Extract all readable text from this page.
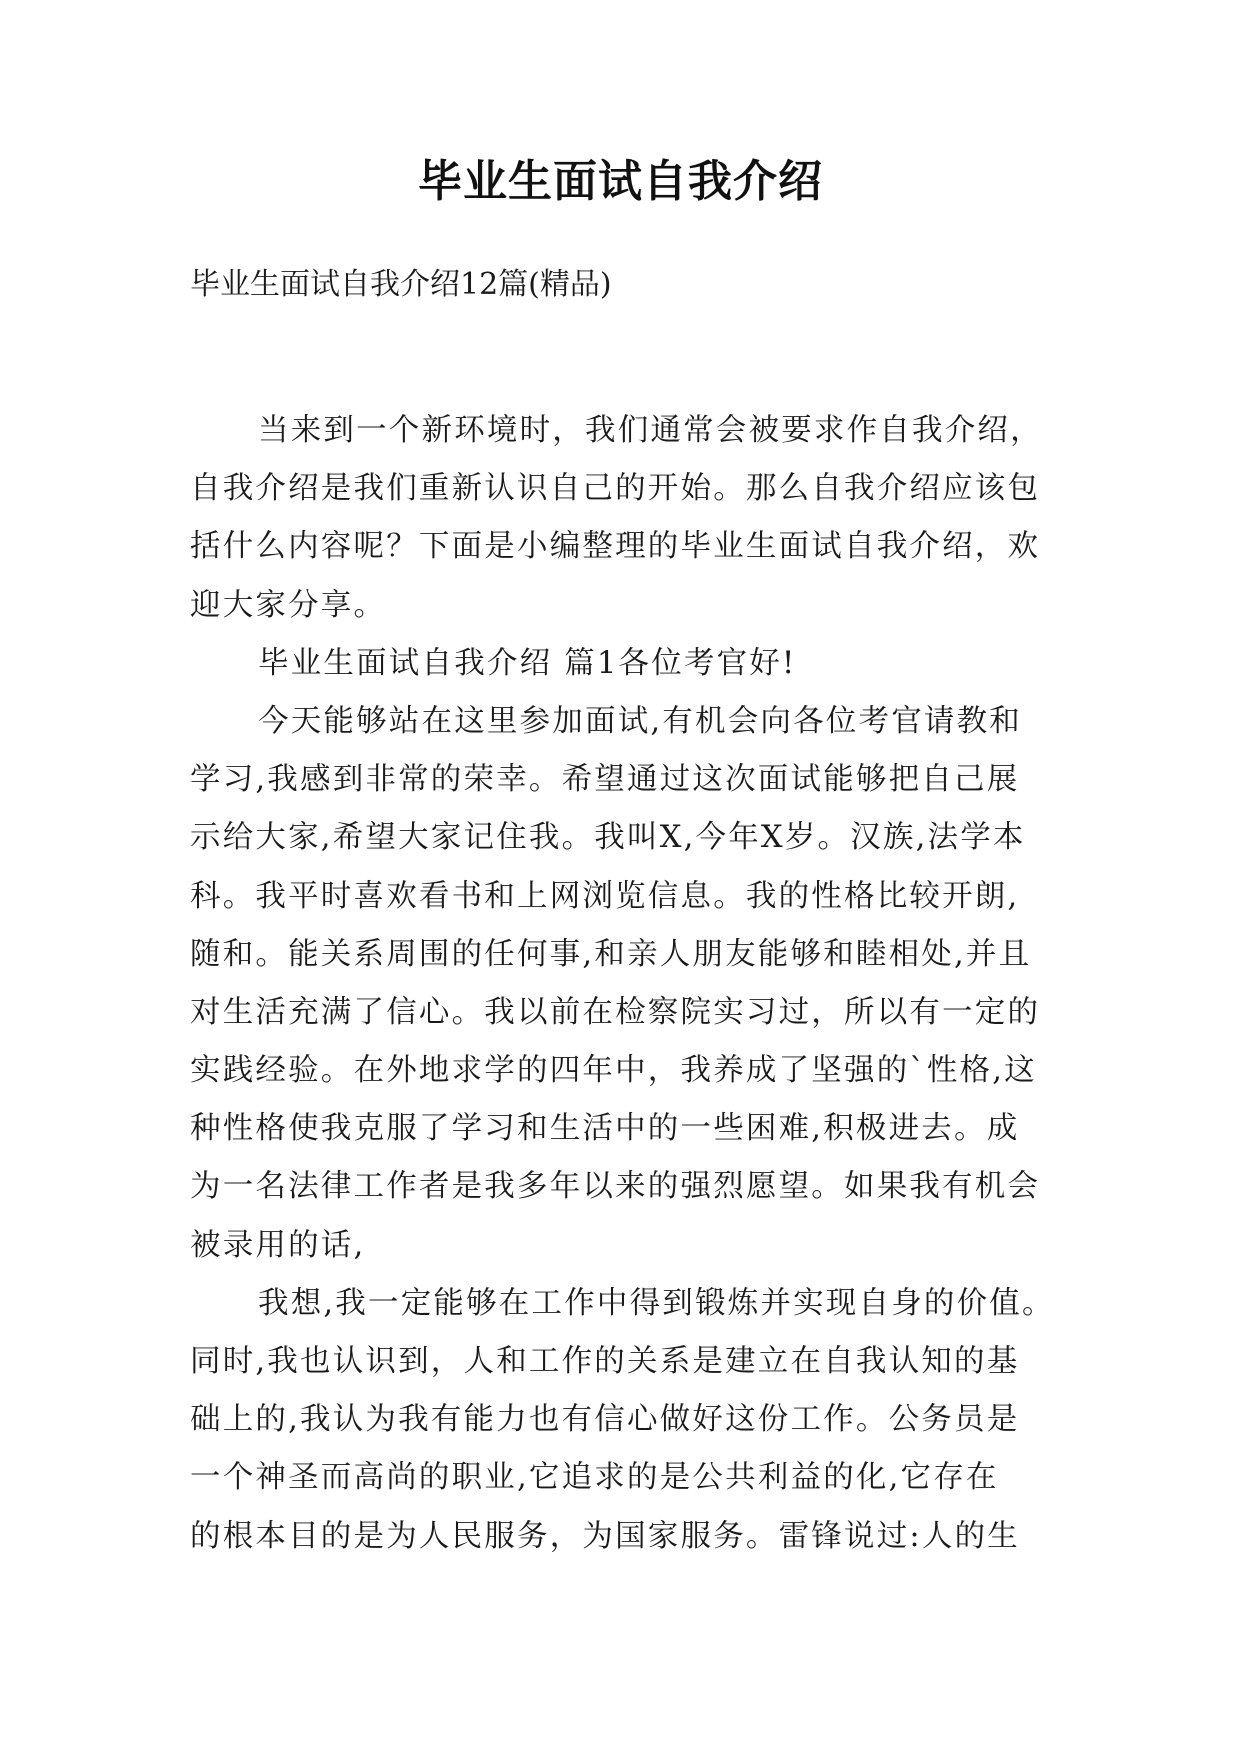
毕业生面试自我介绍
毕业生面试自我介绍12篇(精品)
当来到一个新环境时，我们通常会被要求作自我介绍，
自我介绍是我们重新认识自己的开始。那么自我介绍应该包
括什么内容呢？下面是小编整理的毕业生面试自我介绍，欢
迎大家分享。
毕业生面试自我介绍 篇1各位考官好!
今天能够站在这里参加面试,有机会向各位考官请教和
学习,我感到非常的荣幸。希望通过这次面试能够把自己展
示给大家,希望大家记住我。我叫X,今年X岁。汉族,法学本
科。我平时喜欢看书和上网浏览信息。我的性格比较开朗,
随和。能关系周围的任何事,和亲人朋友能够和睦相处,并且
对生活充满了信心。我以前在检察院实习过，所以有一定的
实践经验。在外地求学的四年中，我养成了坚强的`性格,这
种性格使我克服了学习和生活中的一些困难,积极进去。成
为一名法律工作者是我多年以来的强烈愿望。如果我有机会
被录用的话,
我想,我一定能够在工作中得到锻炼并实现自身的价值。
同时,我也认识到，人和工作的关系是建立在自我认知的基
础上的,我认为我有能力也有信心做好这份工作。公务员是
一个神圣而高尚的职业,它追求的是公共利益的化,它存在
的根本目的是为人民服务，为国家服务。雷锋说过:人的生
